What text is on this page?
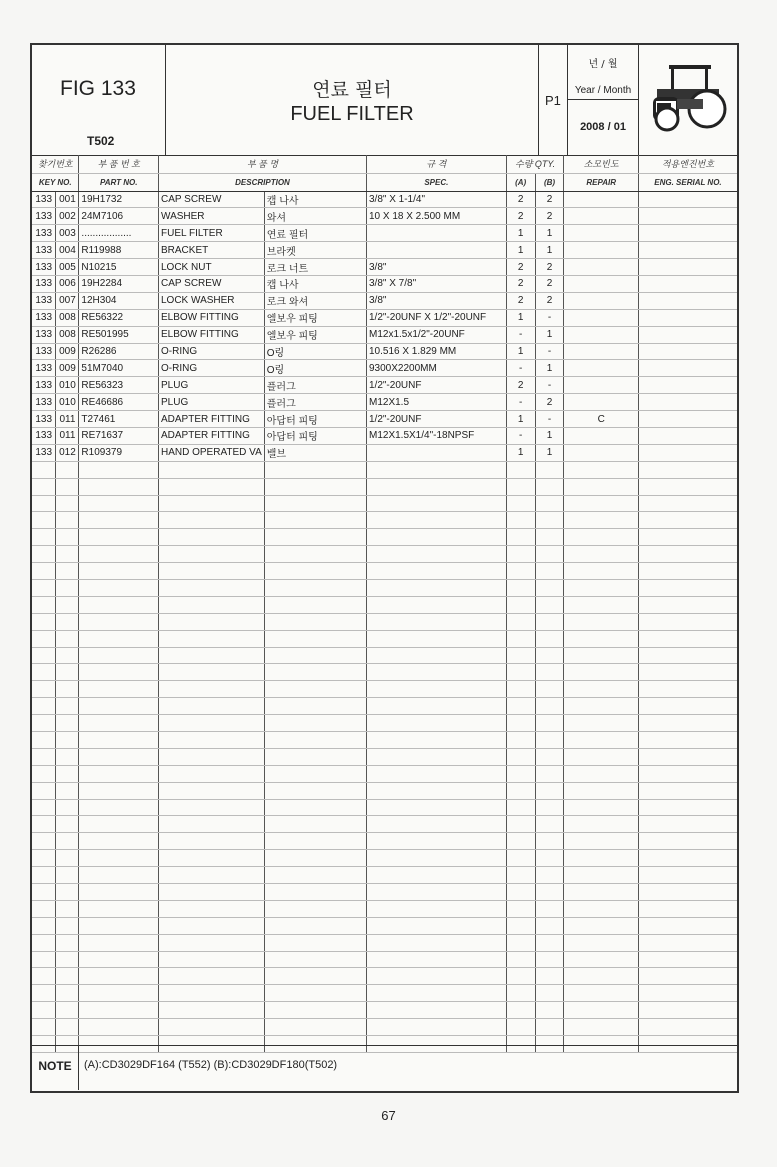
FIG 133
T502
연료 필터
FUEL FILTER
P1
년 / 월
Year / Month
2008 / 01
찾기번호		부 품 번 호	부 품 명		규 격	수량 QTY.		소모빈도	적용엔진번호
KEY NO.		PART NO.	DESCRIPTION		SPEC.	(A)	(B)	REPAIR	ENG. SERIAL NO.
133	001	19H1732	CAP SCREW	캡 나사	3/8" X 1-1/4"	2	2		
133	002	24M7106	WASHER	와셔	10 X 18 X 2.500 MM	2	2		
133	003	..................	FUEL FILTER	연료 필터		1	1		
133	004	R119988	BRACKET	브라켓		1	1		
133	005	N10215	LOCK NUT	로크 너트	3/8"	2	2		
133	006	19H2284	CAP SCREW	캡 나사	3/8" X 7/8"	2	2		
133	007	12H304	LOCK WASHER	로크 와셔	3/8"	2	2		
133	008	RE56322	ELBOW FITTING	엘보우 피팅	1/2"-20UNF X 1/2"-20UNF	1	-		
133	008	RE501995	ELBOW FITTING	엘보우 피팅	M12x1.5x1/2"-20UNF	-	1		
133	009	R26286	O-RING	O링	10.516 X 1.829 MM	1	-		
133	009	51M7040	O-RING	O링	9300X2200MM	-	1		
133	010	RE56323	PLUG	플러그	1/2"-20UNF	2	-		
133	010	RE46686	PLUG	플러그	M12X1.5	-	2		
133	011	T27461	ADAPTER FITTING	아답터 피팅	1/2"-20UNF	1	-	C	
133	011	RE71637	ADAPTER FITTING	아답터 피팅	M12X1.5X1/4"-18NPSF	-	1		
133	012	R109379	HAND OPERATED VA	밸브		1	1		

NOTE	(A):CD3029DF164 (T552) (B):CD3029DF180(T502)
67
